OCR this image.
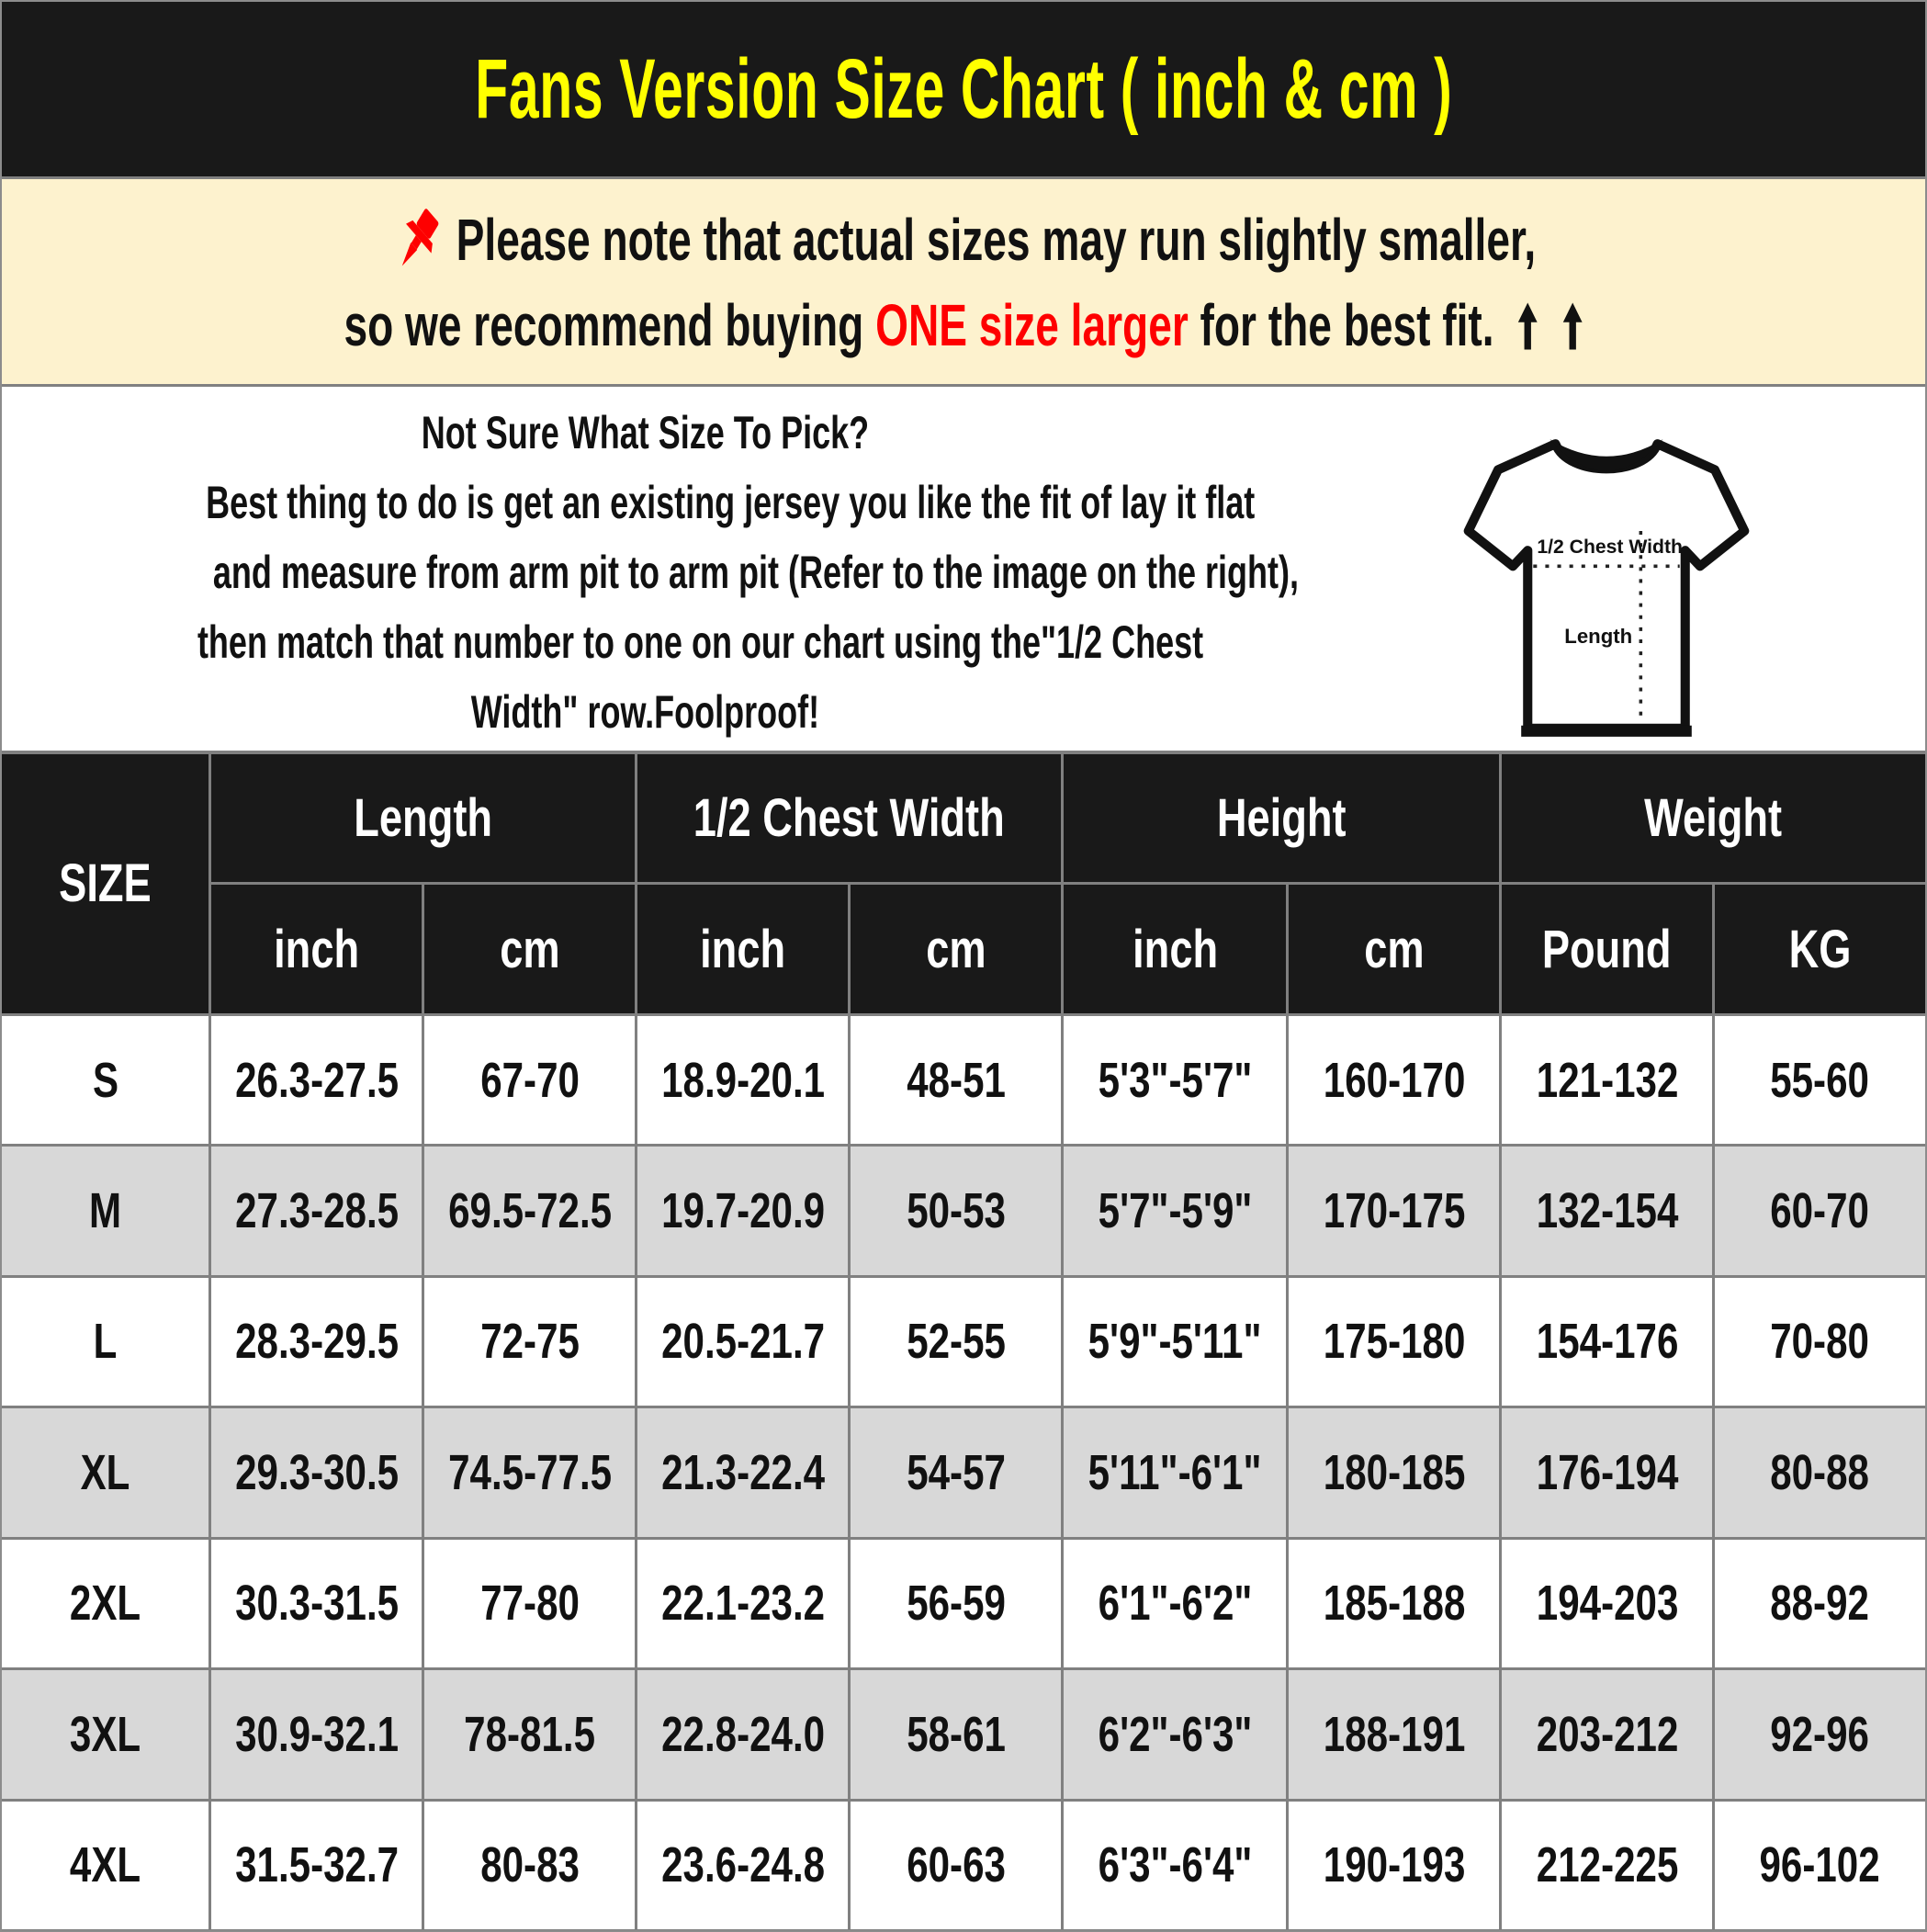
Fans Version Size Chart ( inch & cm )
Please note that actual sizes may run slightly smaller,
so we recommend buying ONE size larger for the best fit.
Not Sure What Size To Pick?
Best thing to do is get an existing jersey you like the fit of lay it flat
and measure from arm pit to arm pit (Refer to the image on the right),
then match that number to one on our chart using the"1/2 Chest
Width" row.Foolproof!
1/2 Chest Width
Length
SIZE
Length	1/2 Chest Width	Height	Weight
inch	cm	inch	cm	inch	cm Pound KG
S 26.3-27.5 67-70 18.9-20.1 48-51 5'3"-5'7" 160-170 121-132 55-60
M 27.3-28.5 69.5-72.5 19.7-20.9 50-53 5'7"-5'9" 170-175 132-154 60-70
L 28.3-29.5 72-75 20.5-21.7 52-55 5'9"-5'11" 175-180 154-176 70-80
XL 29.3-30.5 74.5-77.5 21.3-22.4 54-57 5'11"-6'1" 180-185 176-194 80-88
2XL 30.3-31.5 77-80 22.1-23.2 56-59 6'1"-6'2" 185-188 194-203 88-92
3XL 30.9-32.1 78-81.5 22.8-24.0 58-61 6'2"-6'3" 188-191 203-212 92-96
4XL 31.5-32.7 80-83 23.6-24.8 60-63 6'3"-6'4" 190-193 212-225 96-102
